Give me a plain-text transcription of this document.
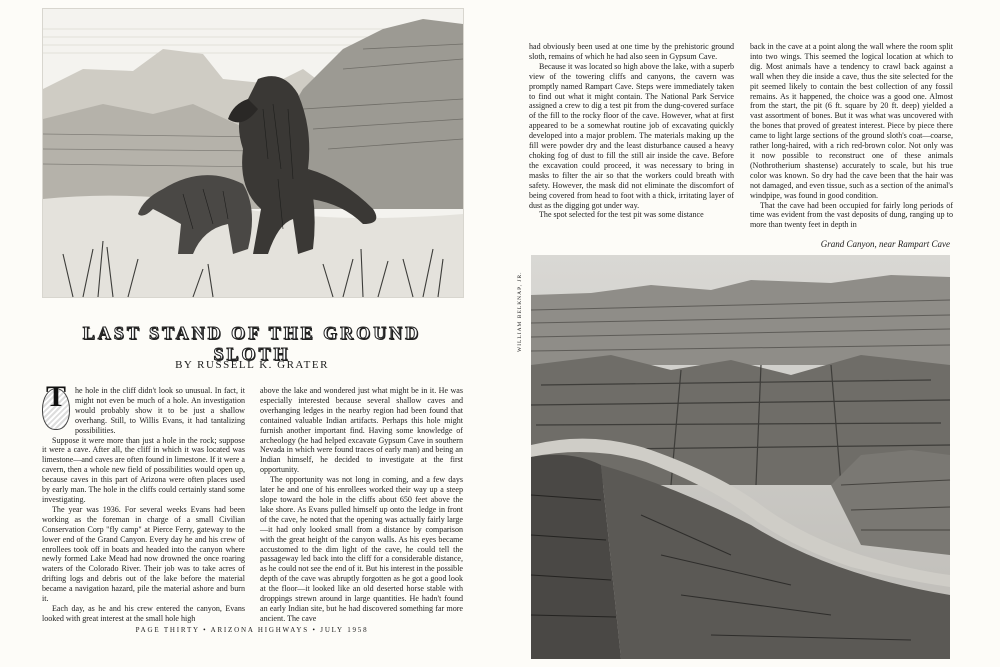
LAST STAND OF THE GROUND SLOTH
BY RUSSELL K. GRATER
T	he hole in the cliff didn't look so unusual. In fact, it might not even be much of a hole. An investigation would probably show it to be just a shallow overhang. Still, to Willis Evans, it had tantalizing possibilities.

Suppose it were more than just a hole in the rock; suppose it were a cave. After all, the cliff in which it was located was limestone—and caves are often found in limestone. If it were a cavern, then a whole new field of possibilities would open up, because caves in this part of Arizona were often places used by early man. The hole in the cliffs could certainly stand some investigating.

The year was 1936. For several weeks Evans had been working as the foreman in charge of a small Civilian Conservation Corp "fly camp" at Pierce Ferry, gateway to the lower end of the Grand Canyon. Every day he and his crew of enrollees took off in boats and headed into the canyon where newly formed Lake Mead had now drowned the once roaring waters of the Colorado River. Their job was to take acres of drifting logs and debris out of the lake before the material became a navigation hazard, pile the material ashore and burn it.

Each day, as he and his crew entered the canyon, Evans looked with great interest at the small hole high

above the lake and wondered just what might be in it. He was especially interested because several shallow caves and overhanging ledges in the nearby region had been found that contained valuable Indian artifacts. Perhaps this hole might furnish another important find. Having some knowledge of archeology (he had helped excavate Gypsum Cave in southern Nevada in which were found traces of early man) and being an Indian himself, he decided to investigate at the first opportunity.

The opportunity was not long in coming, and a few days later he and one of his enrollees worked their way up a steep slope toward the hole in the cliffs about 650 feet above the lake shore. As Evans pulled himself up onto the ledge in front of the cave, he noted that the opening was actually fairly large—it had only looked small from a distance by comparison with the great height of the canyon walls. As his eyes became accustomed to the dim light of the cave, he could tell the passageway led back into the cliff for a considerable distance, as he could not see the end of it. But his interest in the possible depth of the cave was abruptly forgotten as he got a good look at the floor—it looked like an old deserted horse stable with droppings strewn around in large quantities. He hadn't found an early Indian site, but he had discovered something far more ancient. The cave

had obviously been used at one time by the prehistoric ground sloth, remains of which he had also seen in Gypsum Cave.

Because it was located so high above the lake, with a superb view of the towering cliffs and canyons, the cavern was promptly named Rampart Cave. Steps were immediately taken to find out what it might contain. The National Park Service assigned a crew to dig a test pit from the dung-covered surface of the fill to the rocky floor of the cave. However, what at first appeared to be a somewhat routine job of excavating quickly developed into a major problem. The materials making up the fill were powder dry and the least disturbance caused a heavy choking fog of dust to fill the still air inside the cave. Before the excavation could proceed, it was necessary to bring in masks to filter the air so that the workers could breath with safety. However, the mask did not eliminate the discomfort of being covered from head to foot with a thick, irritating layer of dust as the digging got under way.

The spot selected for the test pit was some distance

back in the cave at a point along the wall where the room split into two wings. This seemed the logical location at which to dig. Most animals have a tendency to crawl back against a wall when they die inside a cave, thus the site selected for the pit seemed likely to contain the best collection of any fossil remains. As it happened, the choice was a good one. Almost from the start, the pit (6 ft. square by 20 ft. deep) yielded a vast assortment of bones. But it was what was uncovered with the bones that proved of greatest interest. Piece by piece there came to light large sections of the ground sloth's coat—coarse, rather long-haired, with a rich red-brown color. Not only was it now possible to reconstruct one of these animals (Nothrotherium shastense) accurately to scale, but his true color was known. So dry had the cave been that the hair was not damaged, and even tissue, such as a section of the animal's windpipe, was found in good condition.

That the cave had been occupied for fairly long periods of time was evident from the vast deposits of dung, ranging up to more than twenty feet in depth in

PAGE THIRTY • ARIZONA HIGHWAYS • JULY 1958
Grand Canyon, near Rampart Cave
WILLIAM BELKNAP, JR.
